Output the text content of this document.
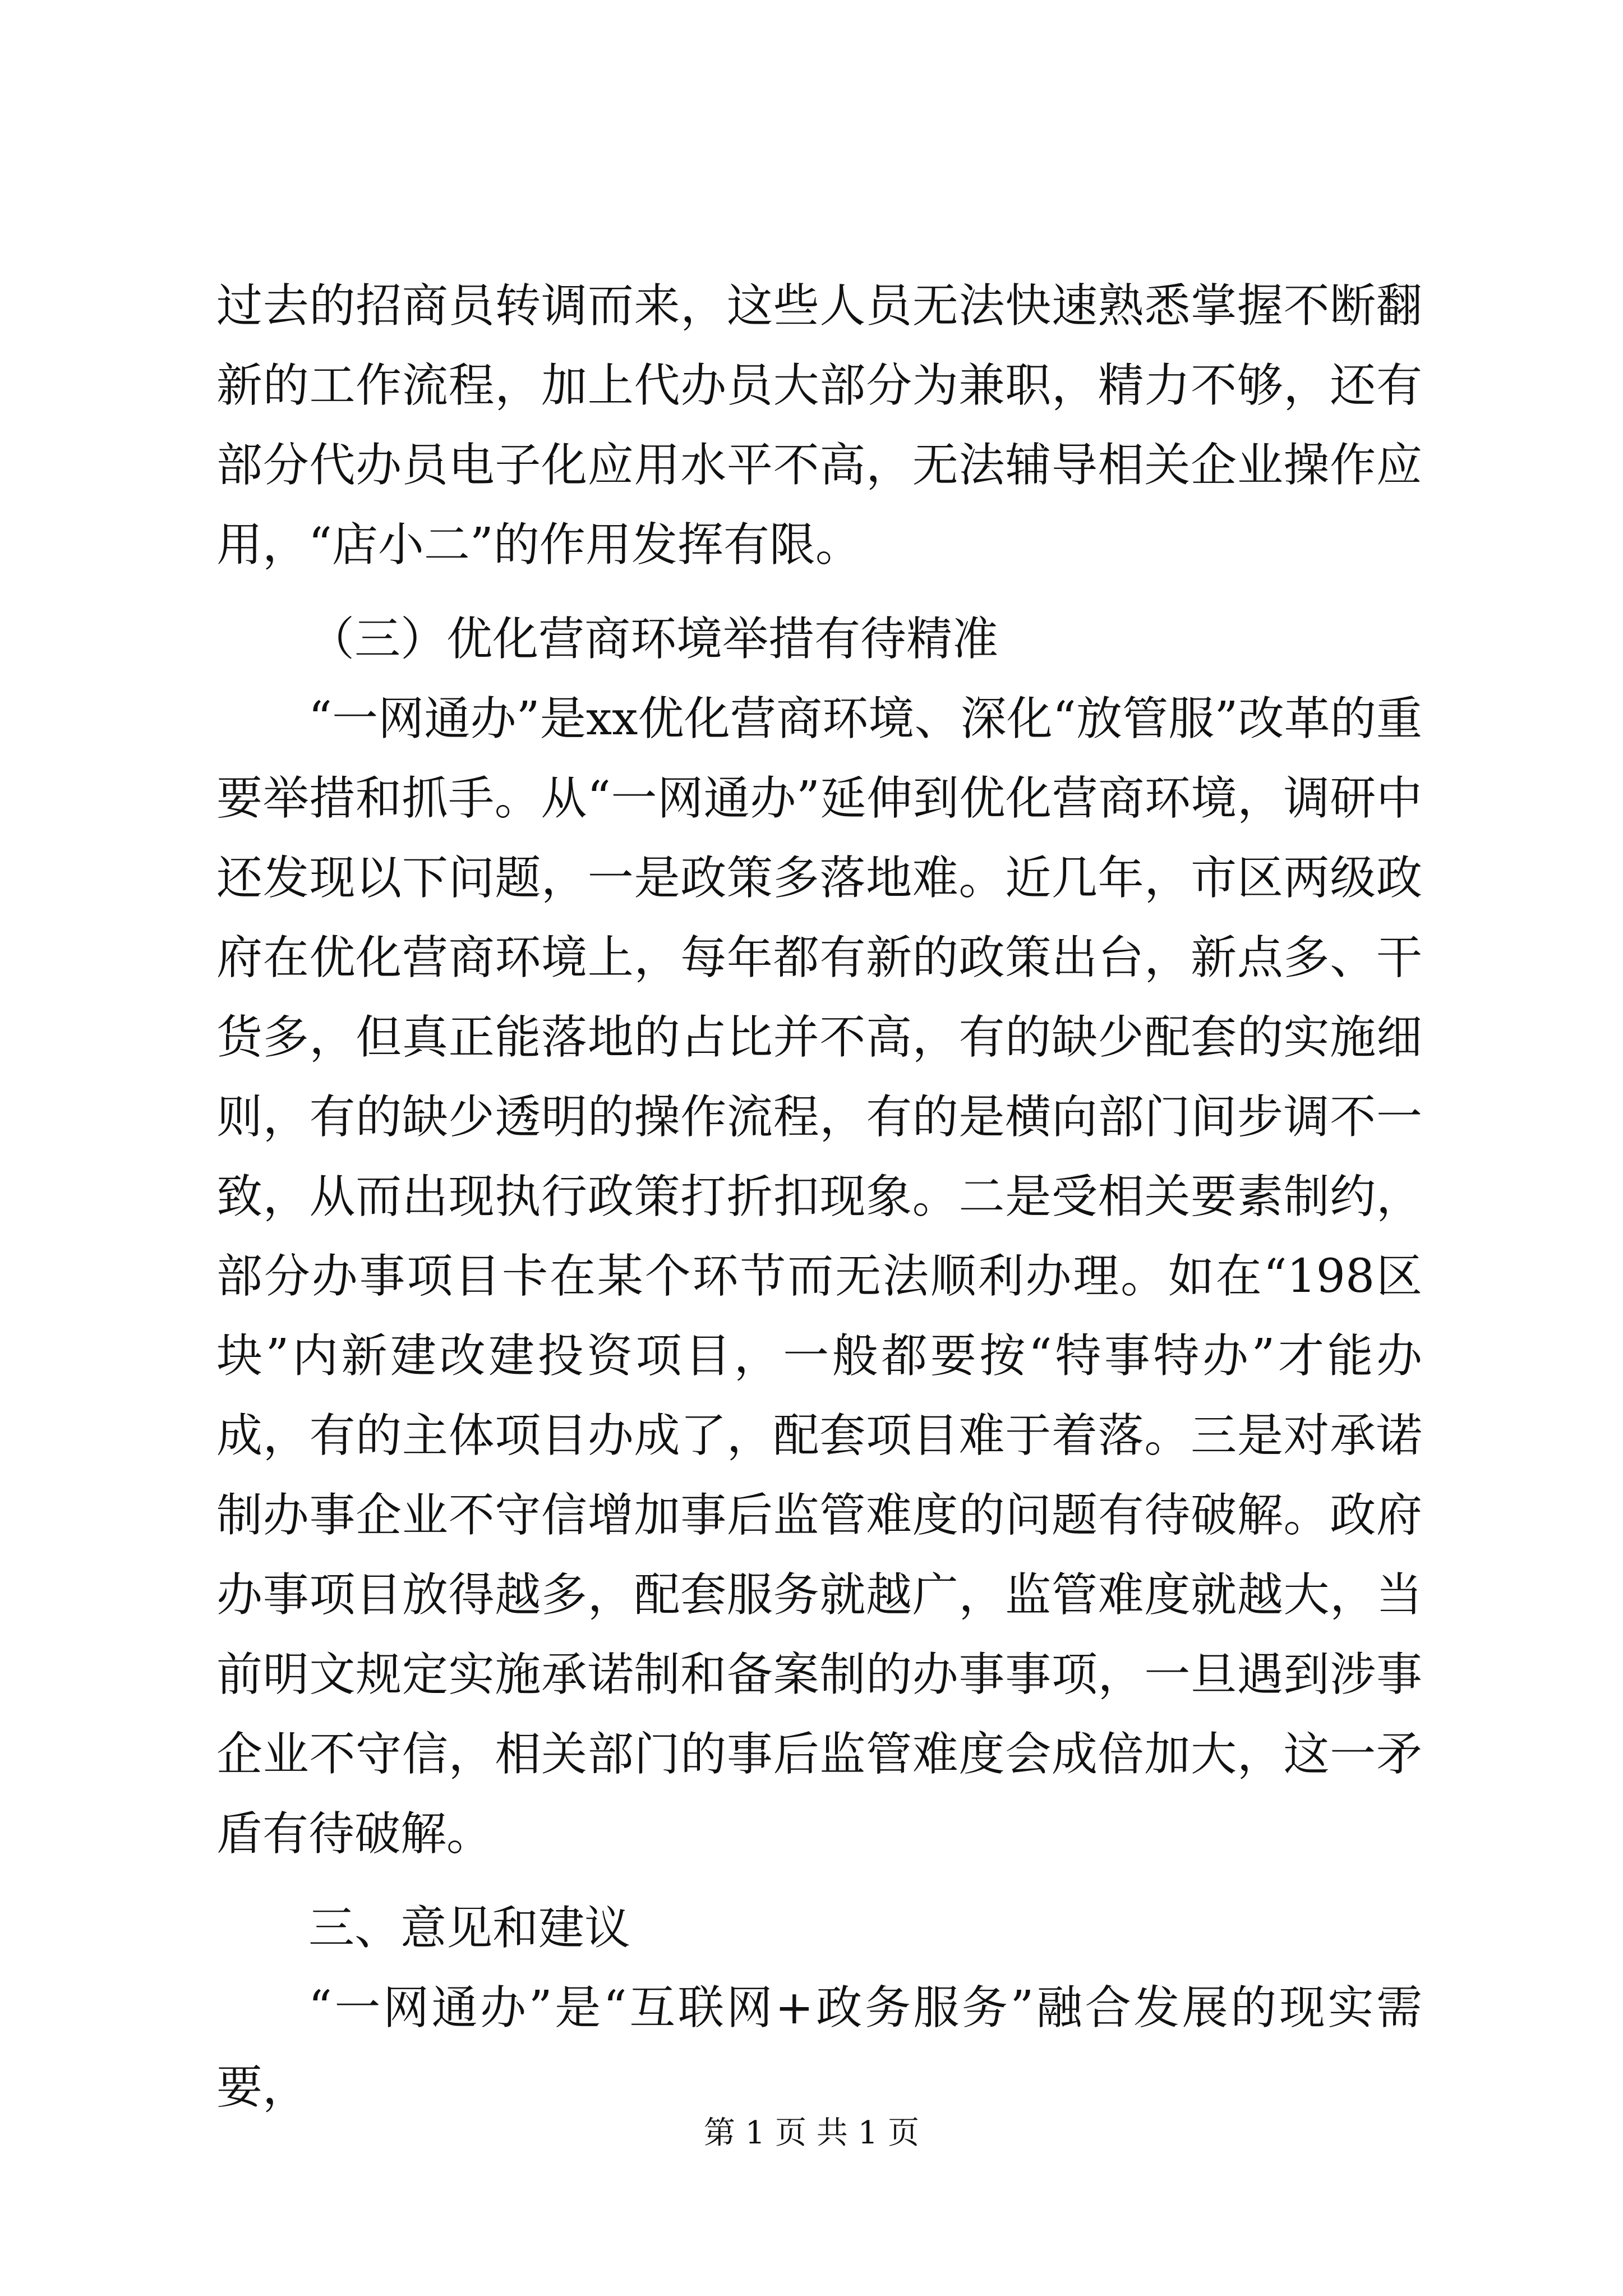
过去的招商员转调而来，这些人员无法快速熟悉掌握不断翻新的工作流程，加上代办员大部分为兼职，精力不够，还有部分代办员电子化应用水平不高，无法辅导相关企业操作应用，“店小二”的作用发挥有限。

（三）优化营商环境举措有待精准

“一网通办”是xx优化营商环境、深化“放管服”改革的重要举措和抓手。从“一网通办”延伸到优化营商环境，调研中还发现以下问题，一是政策多落地难。近几年，市区两级政府在优化营商环境上，每年都有新的政策出台，新点多、干货多，但真正能落地的占比并不高，有的缺少配套的实施细则，有的缺少透明的操作流程，有的是横向部门间步调不一致，从而出现执行政策打折扣现象。二是受相关要素制约，部分办事项目卡在某个环节而无法顺利办理。如在“198区块”内新建改建投资项目，一般都要按“特事特办”才能办成，有的主体项目办成了，配套项目难于着落。三是对承诺制办事企业不守信增加事后监管难度的问题有待破解。政府办事项目放得越多，配套服务就越广，监管难度就越大，当前明文规定实施承诺制和备案制的办事事项，一旦遇到涉事企业不守信，相关部门的事后监管难度会成倍加大，这一矛盾有待破解。

三、意见和建议

“一网通办”是“互联网+政务服务”融合发展的现实需要，

第 1 页 共 1 页
